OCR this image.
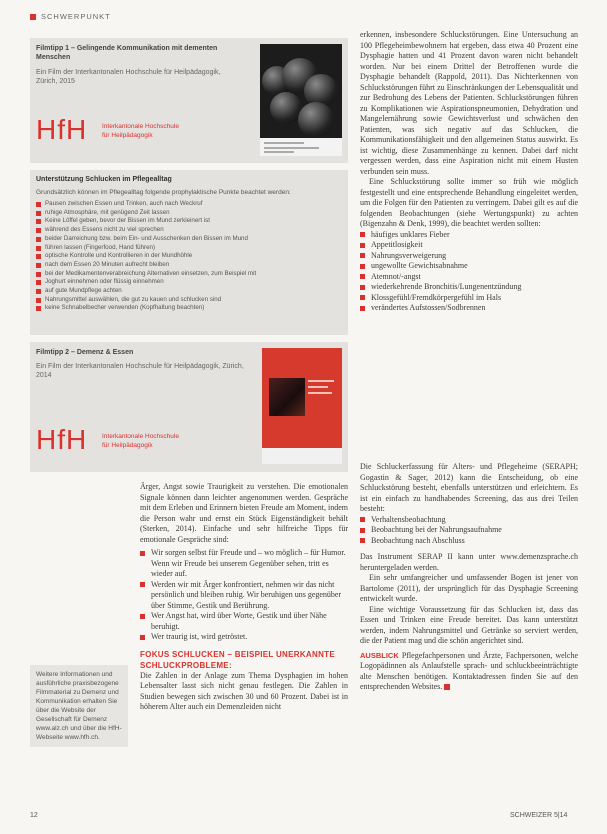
SCHWERPUNKT
Filmtipp 1 – Gelingende Kommunikation mit dementen Menschen
Ein Film der Interkantonalen Hochschule für Heilpädagogik, Zürich, 2015
HfH Interkantonale Hochschule
für Heilpädagogik
Unterstützung Schlucken im Pflegealltag
Grundsätzlich können im Pflegealltag folgende prophylaktische Punkte beachtet werden:
Pausen zwischen Essen und Trinken, auch nach Weckruf
ruhige Atmosphäre, mit genügend Zeit lassen
Keine Löffel geben, bevor der Bissen im Mund zerkleinert ist
während des Essens nicht zu viel sprechen
beider Darreichung bzw. beim Ein- und Ausschenken den Bissen im Mund
führen lassen (Fingerfood, Hand führen)
optische Kontrolle und Kontrollieren in der Mundhöhle
nach dem Essen 20 Minuten aufrecht bleiben
bei der Medikamentenverabreichung Alternativen einsetzen, zum Beispiel mit
Joghurt einnehmen oder flüssig einnehmen
auf gute Mundpflege achten
Nahrungsmittel auswählen, die gut zu kauen und schlucken sind
keine Schnabelbecher verwenden (Kopfhaltung beachten)
Filmtipp 2 – Demenz & Essen
Ein Film der Interkantonalen Hochschule für Heilpädagogik, Zürich, 2014
HfH Interkantonale Hochschule
für Heilpädagogik

erkennen, insbesondere Schluckstörungen. Eine Untersuchung an 100 Pflegeheimbewohnern hat ergeben, dass etwa 40 Prozent eine Dysphagie hatten und 41 Prozent davon waren nicht behandelt worden. Nur bei einem Drittel der Betroffenen wurde die Dysphagie behandelt (Rappold, 2011). Das Nichterkennen von Schluckstörungen führt zu Einschränkungen der Lebensqualität und zur Bedrohung des Lebens der Patienten. Schluckstörungen führen zu Komplikationen wie Aspirationspneumonien, Dehydration und Mangelernährung sowie Gewichtsverlust und schwächen den Patienten, was sich negativ auf das Schlucken, die Kommunikationsfähigkeit und den allgemeinen Status auswirkt. Es ist wichtig, diese Zusammenhänge zu kennen. Dabei darf nicht vergessen werden, dass eine Aspiration nicht mit einem Husten verbunden sein muss.

Eine Schluckstörung sollte immer so früh wie möglich festgestellt und eine entsprechende Behandlung eingeleitet werden, um die Folgen für den Patienten zu verringern. Dabei gilt es auf die folgenden Beobachtungen (siehe Wertungspunkt) zu achten (Bigenzahn & Denk, 1999), die beachtet werden sollten:

häufiges unklares Fieber
Appetitlosigkeit
Nahrungsverweigerung
ungewollte Gewichtsabnahme
Atemnot/-angst
wiederkehrende Bronchitis/Lungenentzündung
Klossgefühl/Fremdkörpergefühl im Hals
verändertes Aufstossen/Sodbrennen

Ärger, Angst sowie Traurigkeit zu verstehen. Die emotionalen Signale können dann leichter angenommen werden. Gespräche mit dem Erleben und Erinnern bieten Freude am Moment, indem die Person wahr und ernst ein Stück Eigenständigkeit behält (Sterken, 2014). Einfache und sehr hilfreiche Tipps für emotionale Gespräche sind:

Wir sorgen selbst für Freude und – wo möglich – für Humor. Wenn wir Freude bei unserem Gegenüber sehen, tritt es wieder auf.
Werden wir mit Ärger konfrontiert, nehmen wir das nicht persönlich und bleiben ruhig. Wir beruhigen uns gegenüber über Stimme, Gestik und Berührung.
Wer Angst hat, wird über Worte, Gestik und über Nähe beruhigt.
Wer traurig ist, wird getröstet.
FOKUS SCHLUCKEN – BEISPIEL UNERKANNTE SCHLUCKPROBLEME:

Die Zahlen in der Anlage zum Thema Dysphagien im hohen Lebensalter lasst sich nicht genau festlegen. Die Zahlen in Studien bewegen sich zwischen 30 und 60 Prozent. Dabei ist in höherem Alter auch ein Demenzleiden nicht

Weitere Informationen und ausführliche praxisbezogene Filmmaterial zu Demenz und Kommunikation erhalten Sie über die Website der Gesellschaft für Demenz www.alz.ch und über die HfH-Webseite www.hfh.ch.

Die Schluckerfassung für Alters- und Pflegeheime (SERAPH; Gogastin & Sager, 2012) kann die Entscheidung, ob eine Schluckstörung besteht, ebenfalls unterstützen und erleichtern. Es ist ein einfach zu handhabendes Screening, das aus drei Teilen besteht:

Verhaltensbeobachtung
Beobachtung bei der Nahrungsaufnahme
Beobachtung nach Abschluss

Das Instrument SERAP II kann unter www.demenzsprache.ch heruntergeladen werden.

Ein sehr umfangreicher und umfassender Bogen ist jener von Bartolome (2011), der ursprünglich für das Dysphagie Screening entwickelt wurde.

Eine wichtige Voraussetzung für das Schlucken ist, dass das Essen und Trinken eine Freude bereitet. Das kann unterstützt werden, indem Nahrungsmittel und Getränke so serviert werden, die der Patient mag und die schön angerichtet sind.

AUSBLICK Pflegefachpersonen und Ärzte, Fachpersonen, welche Logopädinnen als Anlaufstelle sprach- und schluckbeeinträchtigte alte Menschen benötigen. Kontaktadressen finden Sie auf den entsprechenden Websites.

12	SCHWEIZER 5|14
